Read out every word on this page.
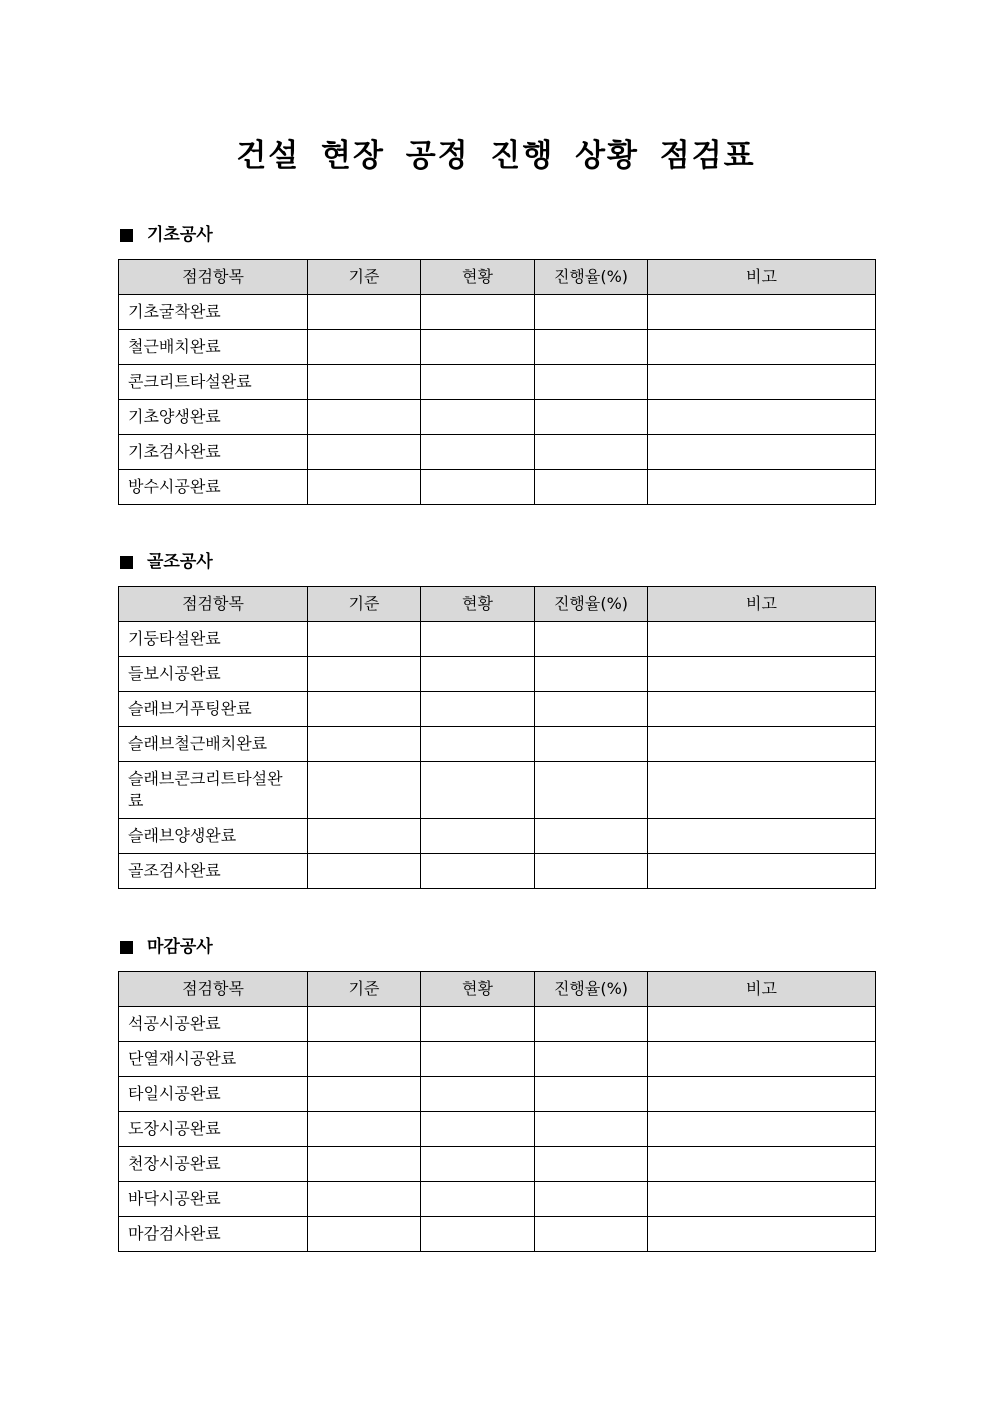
건설 현장 공정 진행 상황 점검표
기초공사
점검항목	기준	현황	진행율(%)	비고
기초굴착완료				
철근배치완료				
콘크리트타설완료				
기초양생완료				
기초검사완료				
방수시공완료				
골조공사
점검항목	기준	현황	진행율(%)	비고
기둥타설완료				
들보시공완료				
슬래브거푸팅완료				
슬래브철근배치완료				
슬래브콘크리트타설완료				
슬래브양생완료				
골조검사완료				
마감공사
점검항목	기준	현황	진행율(%)	비고
석공시공완료				
단열재시공완료				
타일시공완료				
도장시공완료				
천장시공완료				
바닥시공완료				
마감검사완료				
